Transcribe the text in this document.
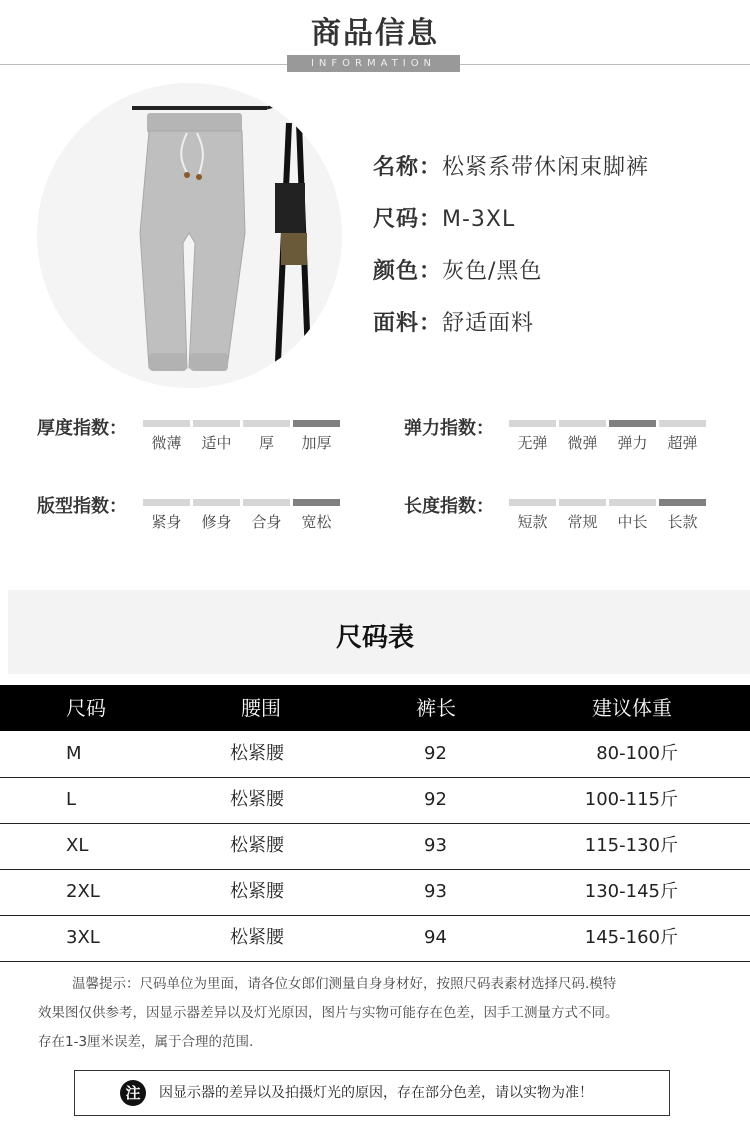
商品信息
INFORMATION
名称：松紧系带休闲束脚裤
尺码：M-3XL
颜色：灰色/黑色
面料：舒适面料
厚度指数：
微薄	适中	厚	加厚
弹力指数：
无弹	微弹	弹力	超弹
版型指数：
紧身	修身	合身	宽松
长度指数：
短款	常规	中长	长款
尺码表
尺码	腰围	裤长	建议体重
M	松紧腰	92	80-100斤
L	松紧腰	92	100-115斤
XL	松紧腰	93	115-130斤
2XL	松紧腰	93	130-145斤
3XL	松紧腰	94	145-160斤
温馨提示：尺码单位为里面，请各位女郎们测量自身身材好，按照尺码表素材选择尺码.模特
效果图仅供参考，因显示器差异以及灯光原因，图片与实物可能存在色差，因手工测量方式不同。
存在1-3厘米误差，属于合理的范围.
注	因显示器的差异以及拍摄灯光的原因，存在部分色差，请以实物为准！
